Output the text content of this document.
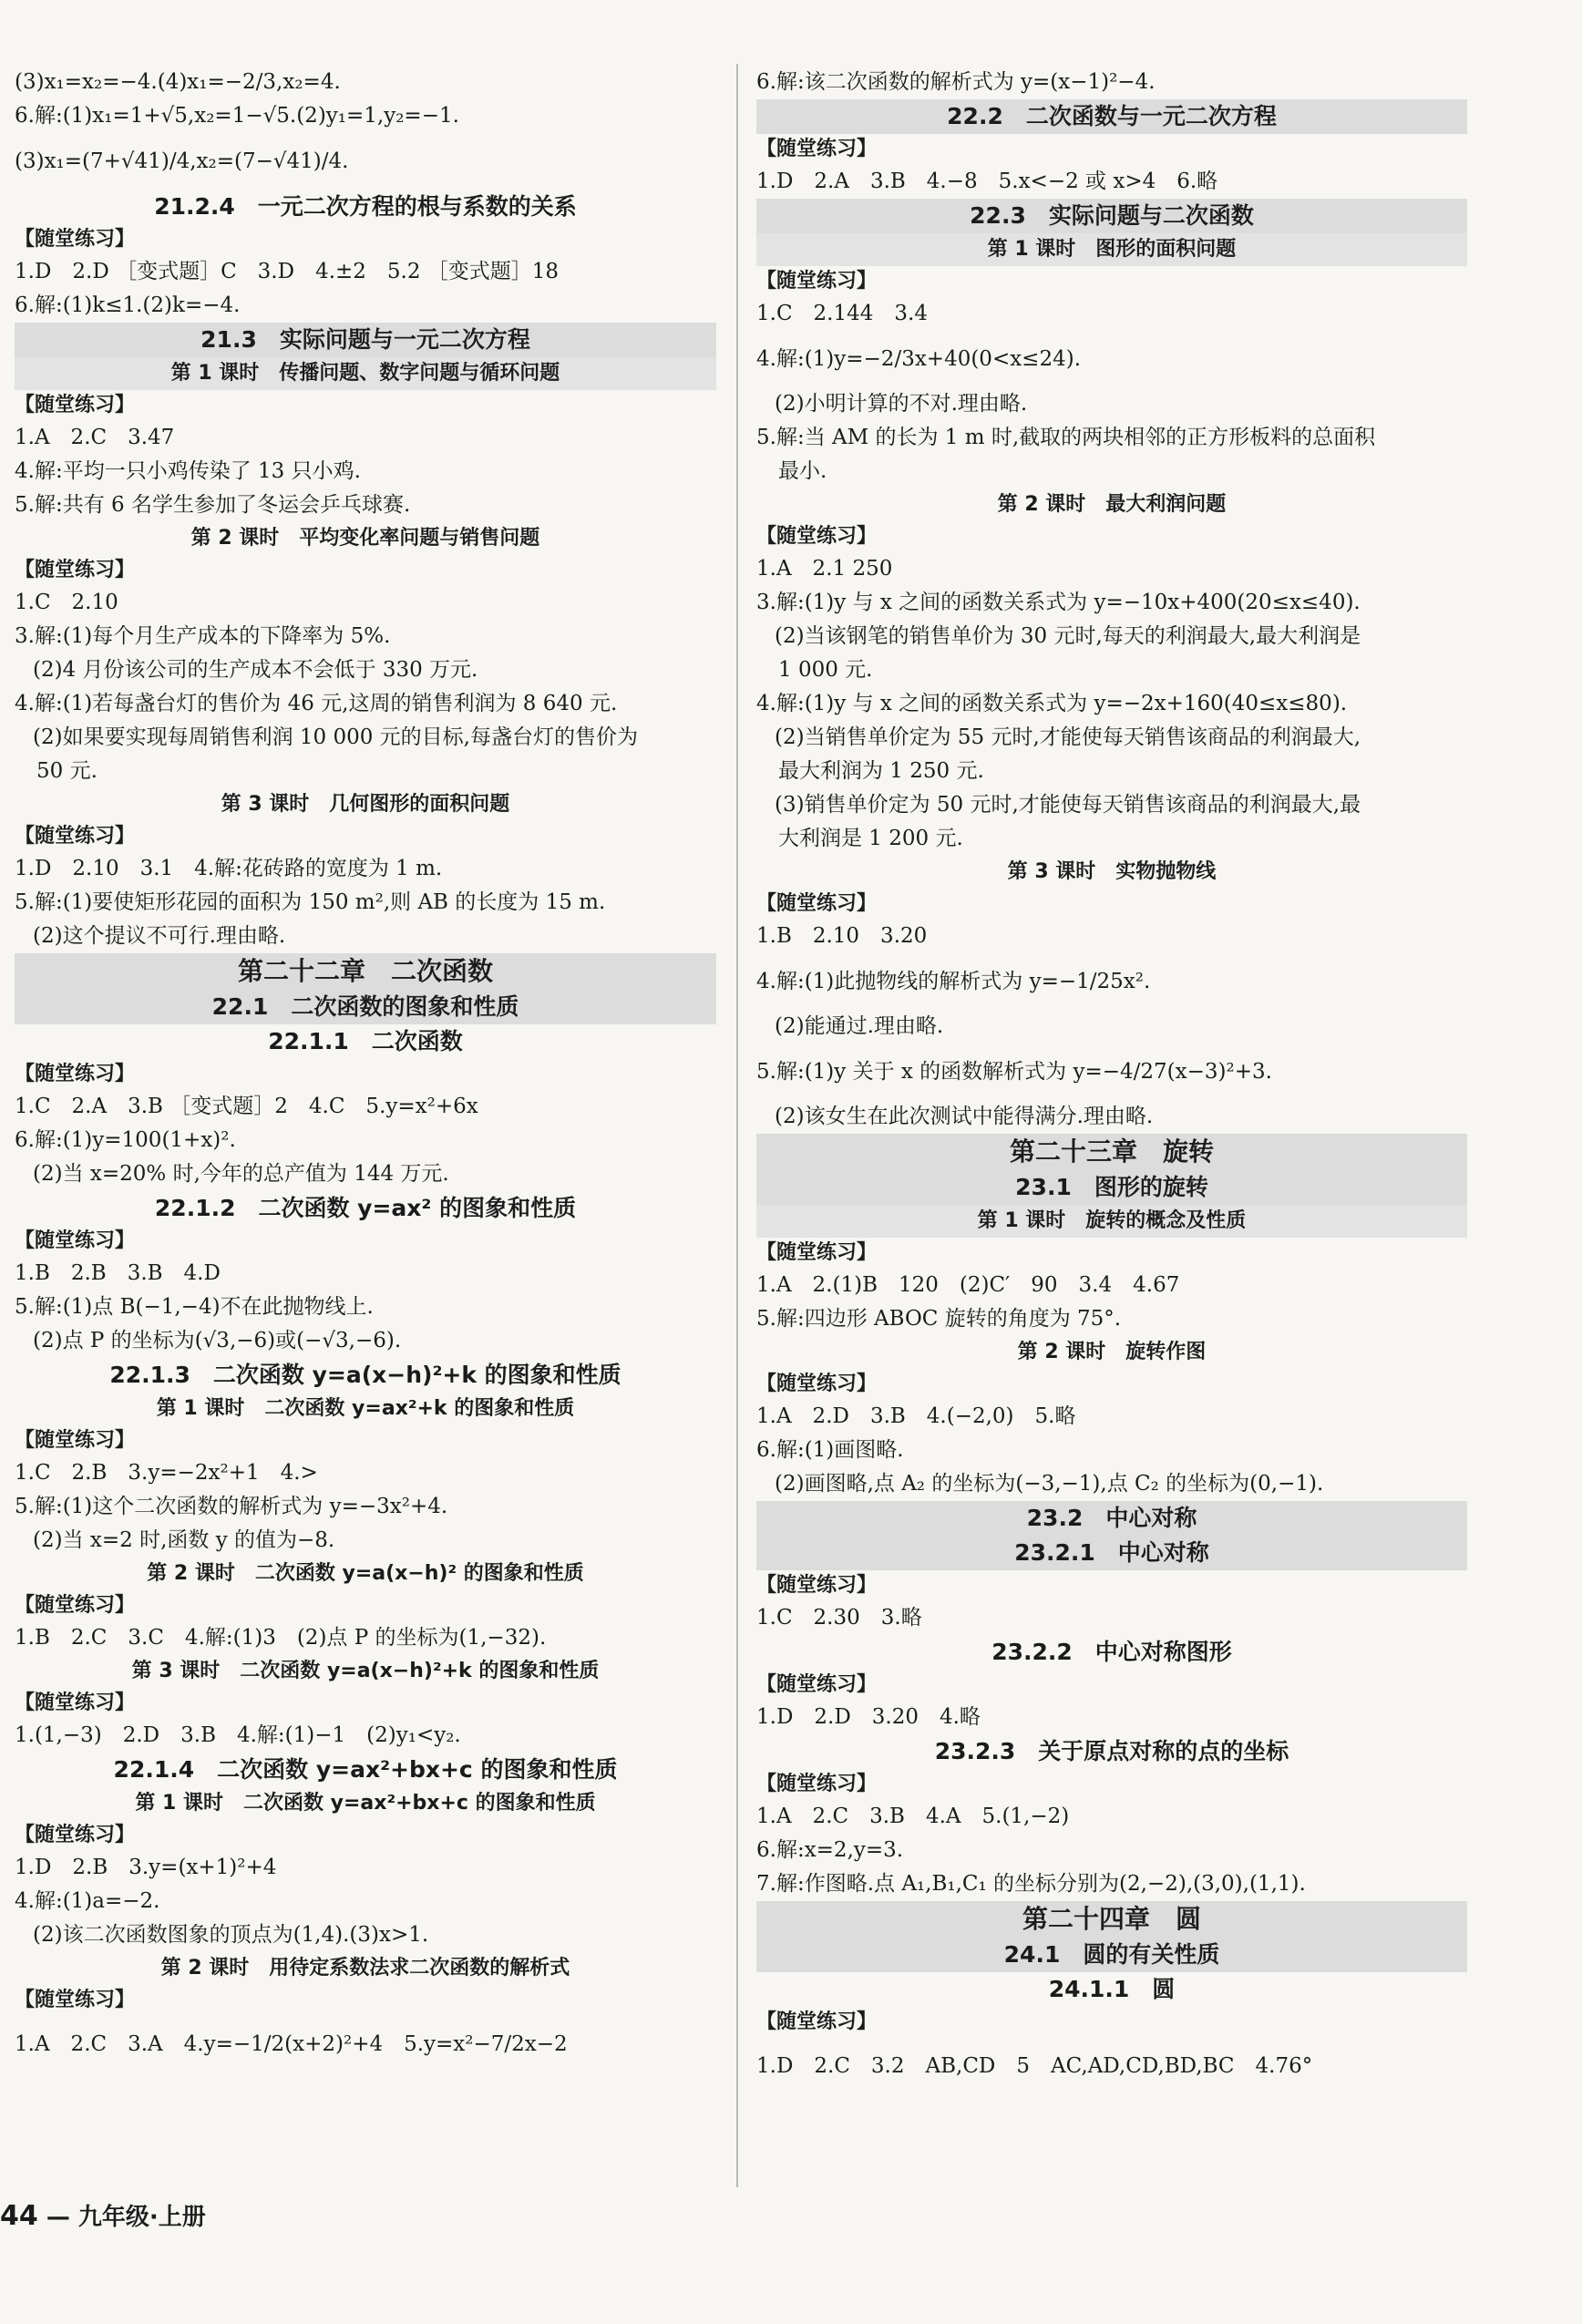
(3)x₁=x₂=−4.(4)x₁=−2/3,x₂=4.
6.解:(1)x₁=1+√5,x₂=1−√5.(2)y₁=1,y₂=−1.
(3)x₁=(7+√41)/4,x₂=(7−√41)/4.
21.2.4　一元二次方程的根与系数的关系
【随堂练习】
1.D　2.D ［变式题］C　3.D　4.±2　5.2 ［变式题］18
6.解:(1)k≤1.(2)k=−4.
21.3　实际问题与一元二次方程
第 1 课时　传播问题、数字问题与循环问题
【随堂练习】
1.A　2.C　3.47
4.解:平均一只小鸡传染了 13 只小鸡.
5.解:共有 6 名学生参加了冬运会乒乓球赛.
第 2 课时　平均变化率问题与销售问题
【随堂练习】
1.C　2.10
3.解:(1)每个月生产成本的下降率为 5%.
(2)4 月份该公司的生产成本不会低于 330 万元.
4.解:(1)若每盏台灯的售价为 46 元,这周的销售利润为 8 640 元.
(2)如果要实现每周销售利润 10 000 元的目标,每盏台灯的售价为
50 元.
第 3 课时　几何图形的面积问题
【随堂练习】
1.D　2.10　3.1　4.解:花砖路的宽度为 1 m.
5.解:(1)要使矩形花园的面积为 150 m²,则 AB 的长度为 15 m.
(2)这个提议不可行.理由略.
第二十二章　二次函数
22.1　二次函数的图象和性质
22.1.1　二次函数
【随堂练习】
1.C　2.A　3.B ［变式题］2　4.C　5.y=x²+6x
6.解:(1)y=100(1+x)².
(2)当 x=20% 时,今年的总产值为 144 万元.
22.1.2　二次函数 y=ax² 的图象和性质
【随堂练习】
1.B　2.B　3.B　4.D
5.解:(1)点 B(−1,−4)不在此抛物线上.
(2)点 P 的坐标为(√3,−6)或(−√3,−6).
22.1.3　二次函数 y=a(x−h)²+k 的图象和性质
第 1 课时　二次函数 y=ax²+k 的图象和性质
【随堂练习】
1.C　2.B　3.y=−2x²+1　4.>
5.解:(1)这个二次函数的解析式为 y=−3x²+4.
(2)当 x=2 时,函数 y 的值为−8.
第 2 课时　二次函数 y=a(x−h)² 的图象和性质
【随堂练习】
1.B　2.C　3.C　4.解:(1)3　(2)点 P 的坐标为(1,−32).
第 3 课时　二次函数 y=a(x−h)²+k 的图象和性质
【随堂练习】
1.(1,−3)　2.D　3.B　4.解:(1)−1　(2)y₁<y₂.
22.1.4　二次函数 y=ax²+bx+c 的图象和性质
第 1 课时　二次函数 y=ax²+bx+c 的图象和性质
【随堂练习】
1.D　2.B　3.y=(x+1)²+4
4.解:(1)a=−2.
(2)该二次函数图象的顶点为(1,4).(3)x>1.
第 2 课时　用待定系数法求二次函数的解析式
【随堂练习】
1.A　2.C　3.A　4.y=−1/2(x+2)²+4　5.y=x²−7/2x−2
6.解:该二次函数的解析式为 y=(x−1)²−4.
22.2　二次函数与一元二次方程
【随堂练习】
1.D　2.A　3.B　4.−8　5.x<−2 或 x>4　6.略
22.3　实际问题与二次函数
第 1 课时　图形的面积问题
【随堂练习】
1.C　2.144　3.4
4.解:(1)y=−2/3x+40(0<x≤24).
(2)小明计算的不对.理由略.
5.解:当 AM 的长为 1 m 时,截取的两块相邻的正方形板料的总面积
最小.
第 2 课时　最大利润问题
【随堂练习】
1.A　2.1 250
3.解:(1)y 与 x 之间的函数关系式为 y=−10x+400(20≤x≤40).
(2)当该钢笔的销售单价为 30 元时,每天的利润最大,最大利润是
1 000 元.
4.解:(1)y 与 x 之间的函数关系式为 y=−2x+160(40≤x≤80).
(2)当销售单价定为 55 元时,才能使每天销售该商品的利润最大,
最大利润为 1 250 元.
(3)销售单价定为 50 元时,才能使每天销售该商品的利润最大,最
大利润是 1 200 元.
第 3 课时　实物抛物线
【随堂练习】
1.B　2.10　3.20
4.解:(1)此抛物线的解析式为 y=−1/25x².
(2)能通过.理由略.
5.解:(1)y 关于 x 的函数解析式为 y=−4/27(x−3)²+3.
(2)该女生在此次测试中能得满分.理由略.
第二十三章　旋转
23.1　图形的旋转
第 1 课时　旋转的概念及性质
【随堂练习】
1.A　2.(1)B　120　(2)C′　90　3.4　4.67
5.解:四边形 ABOC 旋转的角度为 75°.
第 2 课时　旋转作图
【随堂练习】
1.A　2.D　3.B　4.(−2,0)　5.略
6.解:(1)画图略.
(2)画图略,点 A₂ 的坐标为(−3,−1),点 C₂ 的坐标为(0,−1).
23.2　中心对称
23.2.1　中心对称
【随堂练习】
1.C　2.30　3.略
23.2.2　中心对称图形
【随堂练习】
1.D　2.D　3.20　4.略
23.2.3　关于原点对称的点的坐标
【随堂练习】
1.A　2.C　3.B　4.A　5.(1,−2)
6.解:x=2,y=3.
7.解:作图略.点 A₁,B₁,C₁ 的坐标分别为(2,−2),(3,0),(1,1).
第二十四章　圆
24.1　圆的有关性质
24.1.1　圆
【随堂练习】
1.D　2.C　3.2　AB,CD　5　AC,AD,CD,BD,BC　4.76°
44 — 九年级·上册
